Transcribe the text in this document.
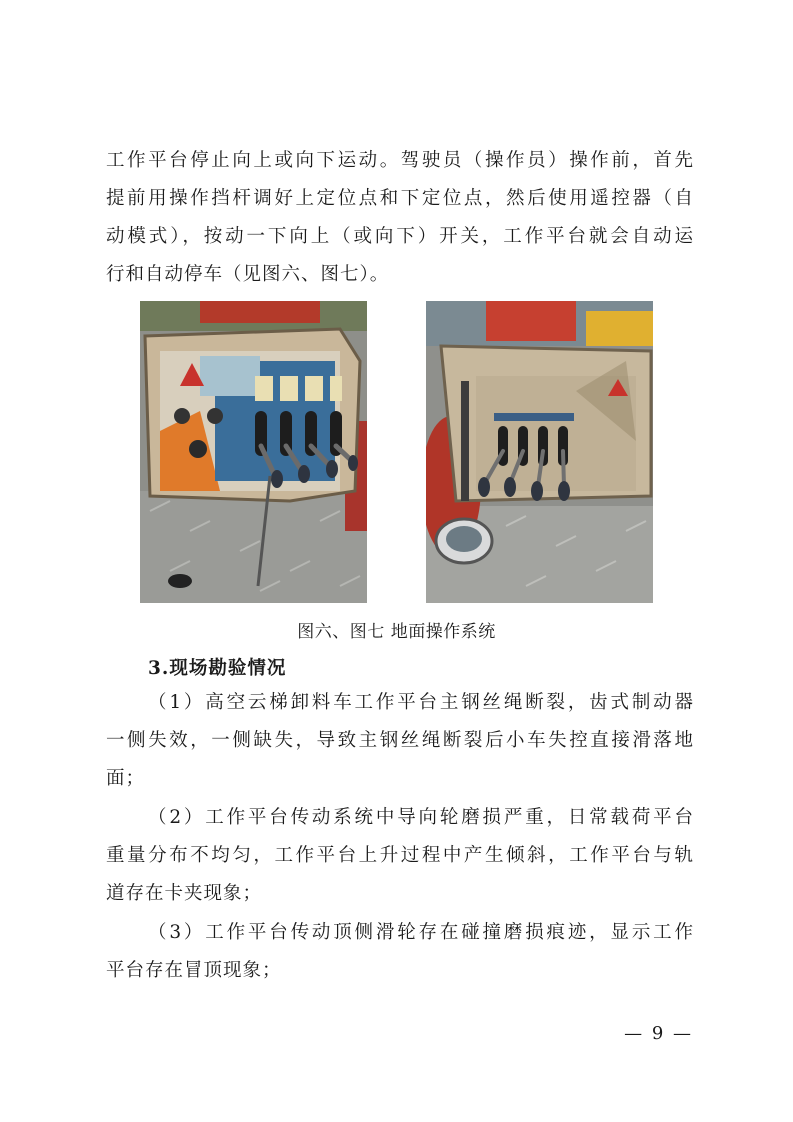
工作平台停止向上或向下运动。驾驶员（操作员）操作前，首先
提前用操作挡杆调好上定位点和下定位点，然后使用遥控器（自
动模式），按动一下向上（或向下）开关，工作平台就会自动运
行和自动停车（见图六、图七）。
图六、图七 地面操作系统
3.现场勘验情况
（1）高空云梯卸料车工作平台主钢丝绳断裂，齿式制动器
一侧失效，一侧缺失，导致主钢丝绳断裂后小车失控直接滑落地
面；
（2）工作平台传动系统中导向轮磨损严重，日常载荷平台
重量分布不均匀，工作平台上升过程中产生倾斜，工作平台与轨
道存在卡夹现象；
（3）工作平台传动顶侧滑轮存在碰撞磨损痕迹，显示工作
平台存在冒顶现象；
— 9 —
